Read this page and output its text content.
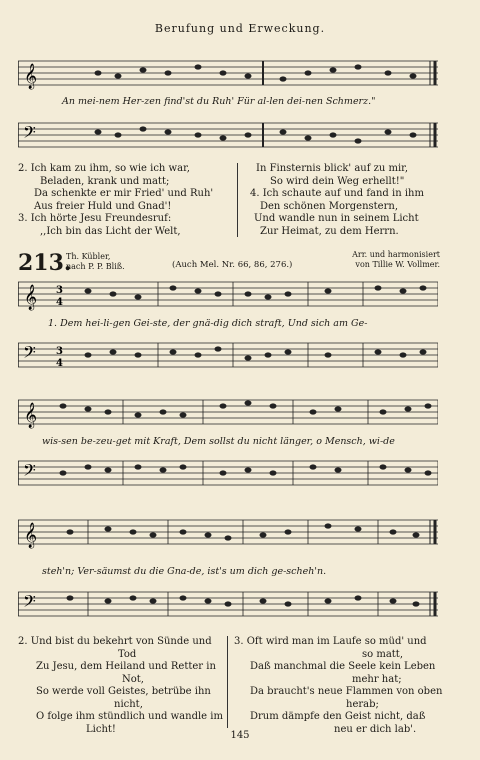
Berufung und Erweckung.
𝄞
An mei-nem Her-zen find'st du Ruh' Für al-len dei-nen Schmerz."
𝄢
2. Ich kam zu ihm, so wie ich war,
Beladen, krank und matt;
Da schenkte er mir Fried' und Ruh'
Aus freier Huld und Gnad'!
3. Ich hörte Jesu Freundesruf:
,,Ich bin das Licht der Welt,
In Finsternis blick' auf zu mir,
So wird dein Weg erhellt!"
4. Ich schaute auf und fand in ihm
Den schönen Morgenstern,
Und wandle nun in seinem Licht
Zur Heimat, zu dem Herrn.
213.
Th. Kübler,
nach P. P. Bliß.	(Auch Mel. Nr. 66, 86, 276.)
Arr. und harmonisiert
von Tillie W. Vollmer.
𝄞 3
4
1. Dem hei-li-gen Gei-ste, der gnä-dig dich straft, Und sich am Ge-
𝄢 3
4
𝄞
wis-sen be-zeu-get mit Kraft, Dem sollst du nicht länger, o Mensch, wi-de
𝄢
𝄞
steh'n; Ver-säumst du die Gna-de, ist's um dich ge-scheh'n.
𝄢
2. Und bist du bekehrt von Sünde und
Tod
Zu Jesu, dem Heiland und Retter in
Not,
So werde voll Geistes, betrübe ihn
nicht,
O folge ihm stündlich und wandle im
Licht!
3. Oft wird man im Laufe so müd' und
so matt,
Daß manchmal die Seele kein Leben
mehr hat;
Da braucht's neue Flammen von oben
herab;
Drum dämpfe den Geist nicht, daß
neu er dich lab'.
145
